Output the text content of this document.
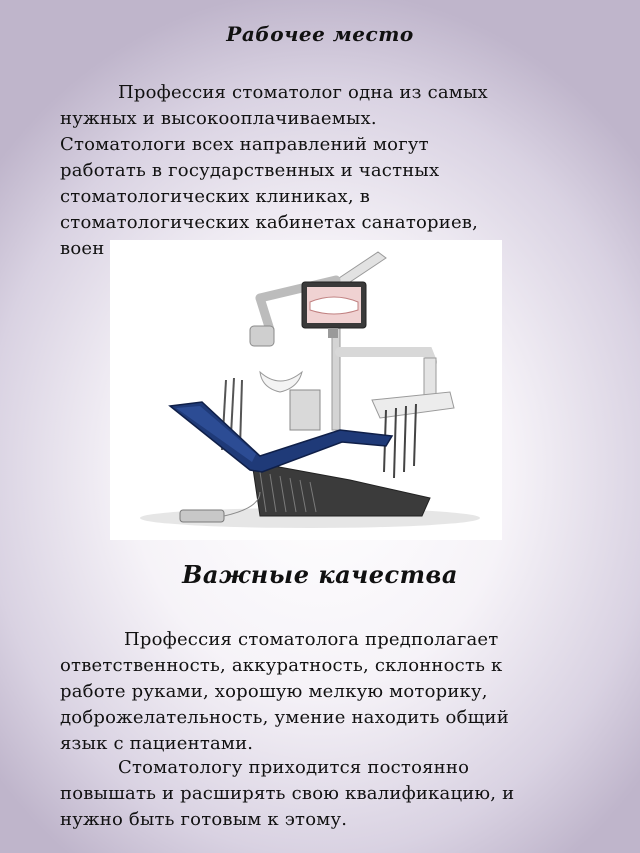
Рабочее место

Профессия стоматолог одна из самых
нужных и высокооплачиваемых.
Стоматологи всех направлений могут
работать в государственных и частных
стоматологических клиниках, в
стоматологических кабинетах санаториев,
воен

Важные качества

Профессия стоматолога предполагает
ответственность, аккуратность, склонность к
работе руками, хорошую мелкую моторику,
доброжелательность, умение находить общий
язык с пациентами.

Стоматологу приходится постоянно
повышать и расширять свою квалификацию, и
нужно быть готовым к этому.
